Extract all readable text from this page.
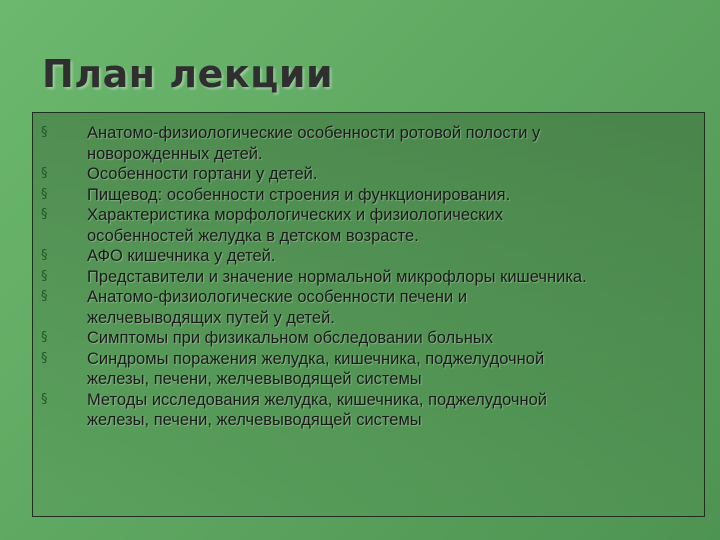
План лекции
§ Анатомо-физиологические особенности ротовой полости у
новорожденных детей.
§ Особенности гортани у детей.
§ Пищевод: особенности строения и функционирования.
§ Характеристика морфологических и физиологических
особенностей желудка в детском возрасте.
§ АФО кишечника у детей.
§ Представители и значение нормальной микрофлоры кишечника.
§ Анатомо-физиологические особенности печени и
желчевыводящих путей у детей.
§ Симптомы при физикальном обследовании больных
§ Синдромы поражения желудка, кишечника, поджелудочной
железы, печени, желчевыводящей системы
§ Методы исследования желудка, кишечника, поджелудочной
железы, печени, желчевыводящей системы
